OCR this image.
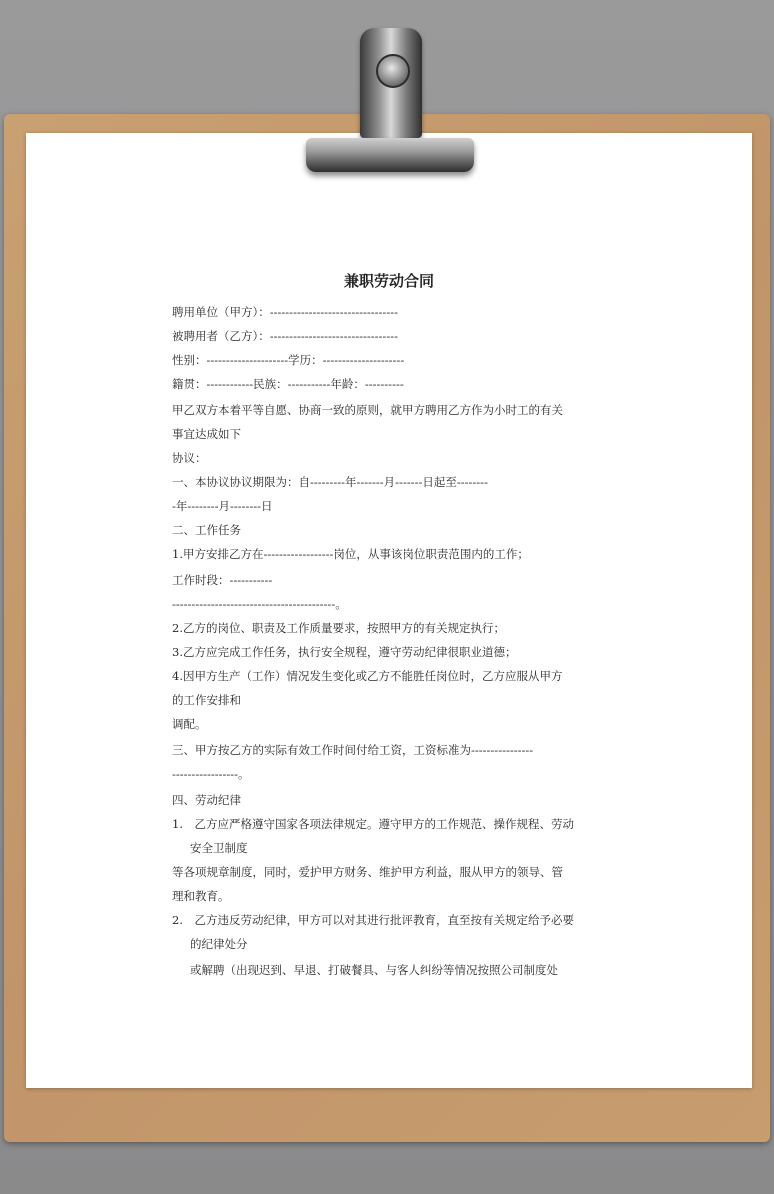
兼职劳动合同
聘用单位（甲方）：---------------------------------
被聘用者（乙方）：---------------------------------
性别：---------------------学历：---------------------
籍贯：------------民族：-----------年龄：----------
甲乙双方本着平等自愿、协商一致的原则，就甲方聘用乙方作为小时工的有关
事宜达成如下
协议：
一、本协议协议期限为：自---------年-------月-------日起至--------
-年--------月--------日
二、工作任务
1.甲方安排乙方在------------------岗位，从事该岗位职责范围内的工作；
工作时段：-----------
------------------------------------------。
2.乙方的岗位、职责及工作质量要求，按照甲方的有关规定执行；
3.乙方应完成工作任务，执行安全规程，遵守劳动纪律很职业道德；
4.因甲方生产（工作）情况发生变化或乙方不能胜任岗位时，乙方应服从甲方
的工作安排和
调配。
三、甲方按乙方的实际有效工作时间付给工资，工资标准为----------------
-----------------。
四、劳动纪律
1.　乙方应严格遵守国家各项法律规定。遵守甲方的工作规范、操作规程、劳动
安全卫制度
等各项规章制度，同时，爱护甲方财务、维护甲方利益，服从甲方的领导、管
理和教育。
2.　乙方违反劳动纪律，甲方可以对其进行批评教育，直至按有关规定给予必要
的纪律处分
或解聘（出现迟到、早退、打破餐具、与客人纠纷等情况按照公司制度处
